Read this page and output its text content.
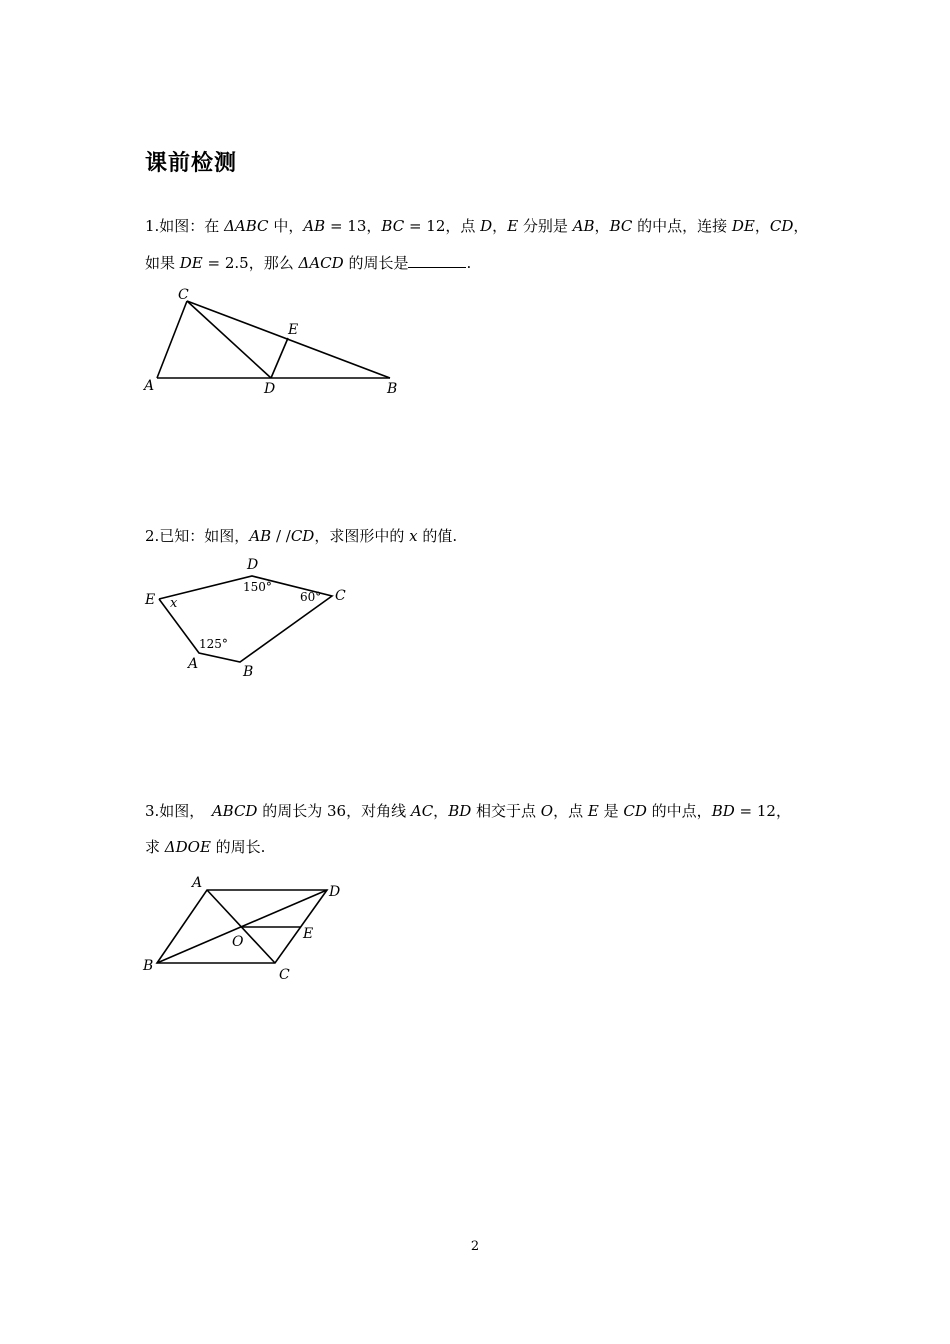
课前检测
1.如图：在 ΔABC 中，AB = 13，BC = 12，点 D，E 分别是 AB，BC 的中点，连接 DE，CD，
如果 DE = 2.5，那么 ΔACD 的周长是	.
C
E
A	D	B
2.已知：如图，AB / /CD，求图形中的 x 的值.
D
E	C
A	B
x
150°
60°
125°
3.如图，　ABCD 的周长为 36，对角线 AC，BD 相交于点 O，点 E 是 CD 的中点，BD = 12，
求 ΔDOE 的周长.
A
D
O	E
B
C
2
